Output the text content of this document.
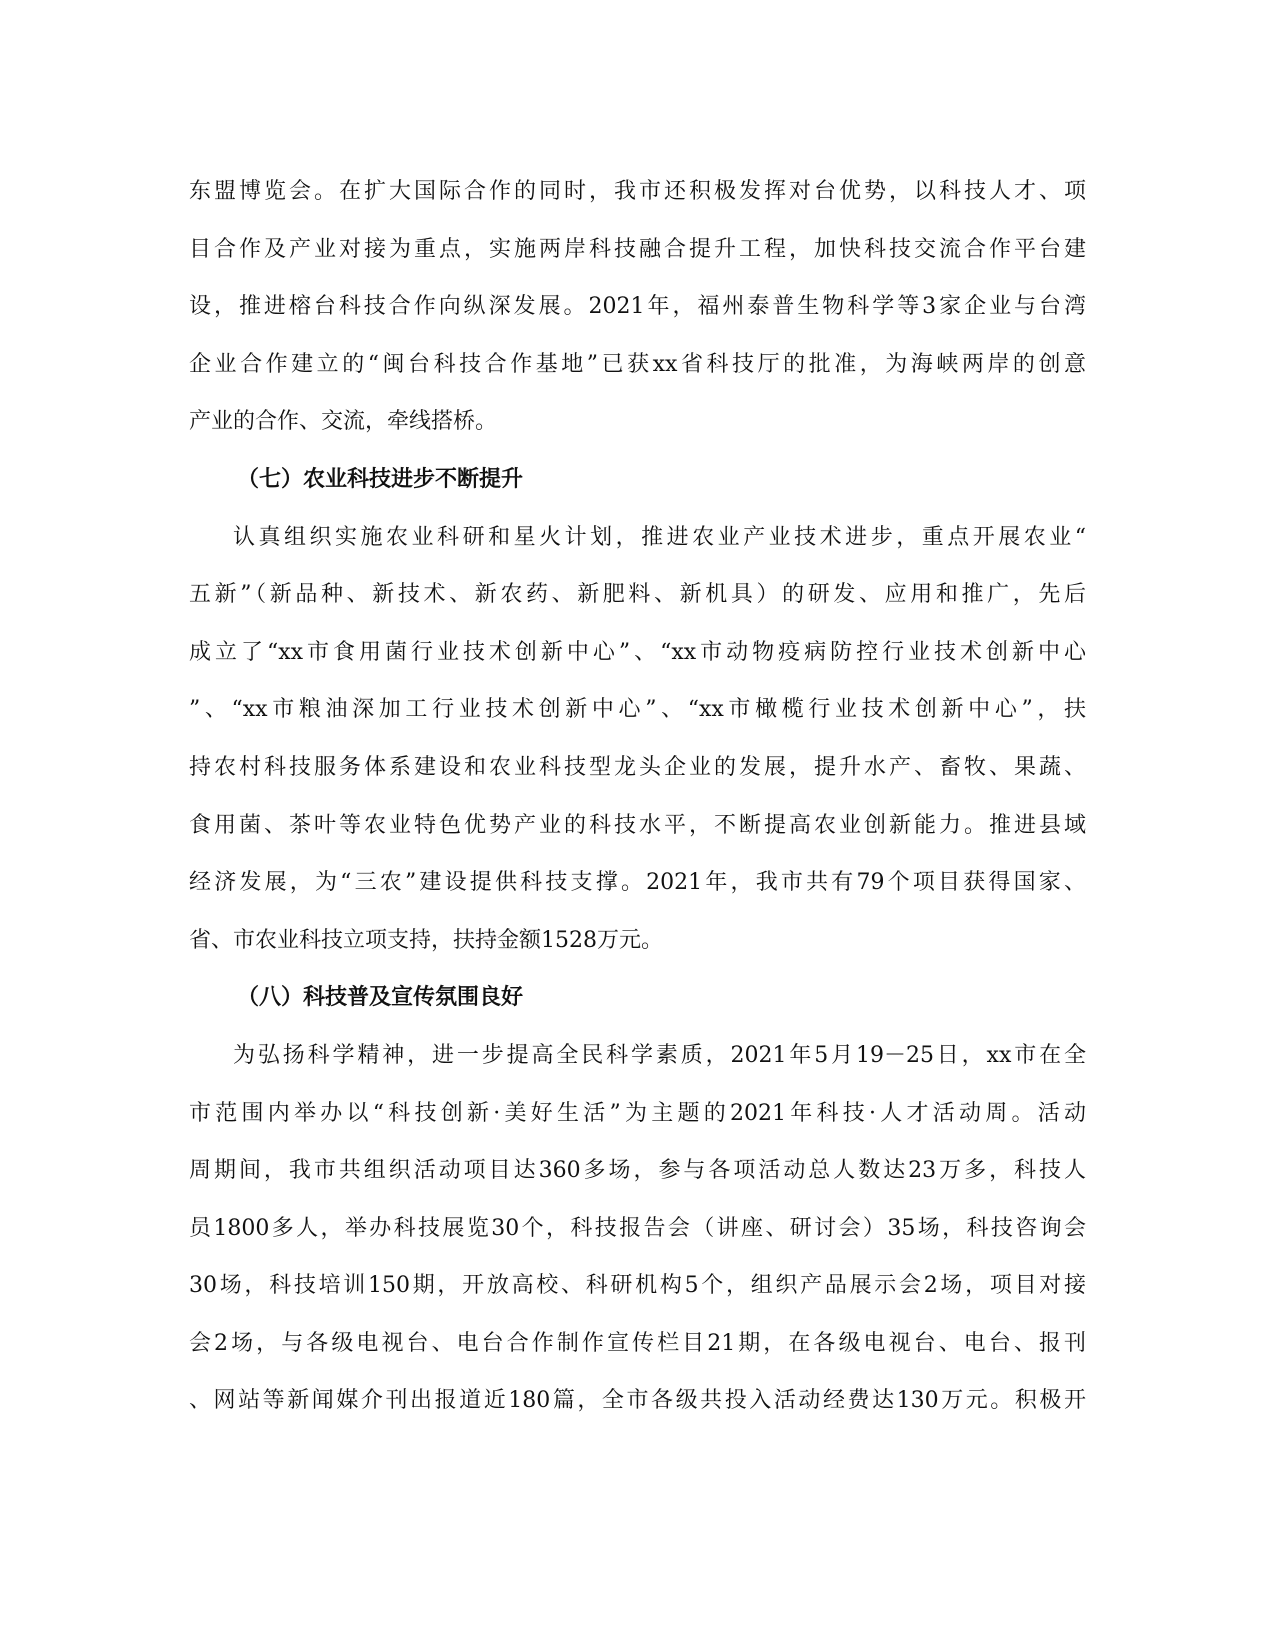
东盟博览会。在扩大国际合作的同时，我市还积极发挥对台优势，以科技人才、项
目合作及产业对接为重点，实施两岸科技融合提升工程，加快科技交流合作平台建
设，推进榕台科技合作向纵深发展。2021年，福州泰普生物科学等3家企业与台湾
企业合作建立的“闽台科技合作基地”已获xx省科技厅的批准，为海峡两岸的创意
产业的合作、交流，牵线搭桥。
（七）农业科技进步不断提升
认真组织实施农业科研和星火计划，推进农业产业技术进步，重点开展农业“
五新”（新品种、新技术、新农药、新肥料、新机具）的研发、应用和推广，先后
成立了“xx市食用菌行业技术创新中心”、“xx市动物疫病防控行业技术创新中心
”、“xx市粮油深加工行业技术创新中心”、“xx市橄榄行业技术创新中心”，扶
持农村科技服务体系建设和农业科技型龙头企业的发展，提升水产、畜牧、果蔬、
食用菌、茶叶等农业特色优势产业的科技水平，不断提高农业创新能力。推进县域
经济发展，为“三农”建设提供科技支撑。2021年，我市共有79个项目获得国家、
省、市农业科技立项支持，扶持金额1528万元。
（八）科技普及宣传氛围良好
为弘扬科学精神，进一步提高全民科学素质，2021年5月19－25日，xx市在全
市范围内举办以“科技创新·美好生活”为主题的2021年科技·人才活动周。活动
周期间，我市共组织活动项目达360多场，参与各项活动总人数达23万多，科技人
员1800多人，举办科技展览30个，科技报告会（讲座、研讨会）35场，科技咨询会
30场，科技培训150期，开放高校、科研机构5个，组织产品展示会2场，项目对接
会2场，与各级电视台、电台合作制作宣传栏目21期，在各级电视台、电台、报刊
、网站等新闻媒介刊出报道近180篇，全市各级共投入活动经费达130万元。积极开
